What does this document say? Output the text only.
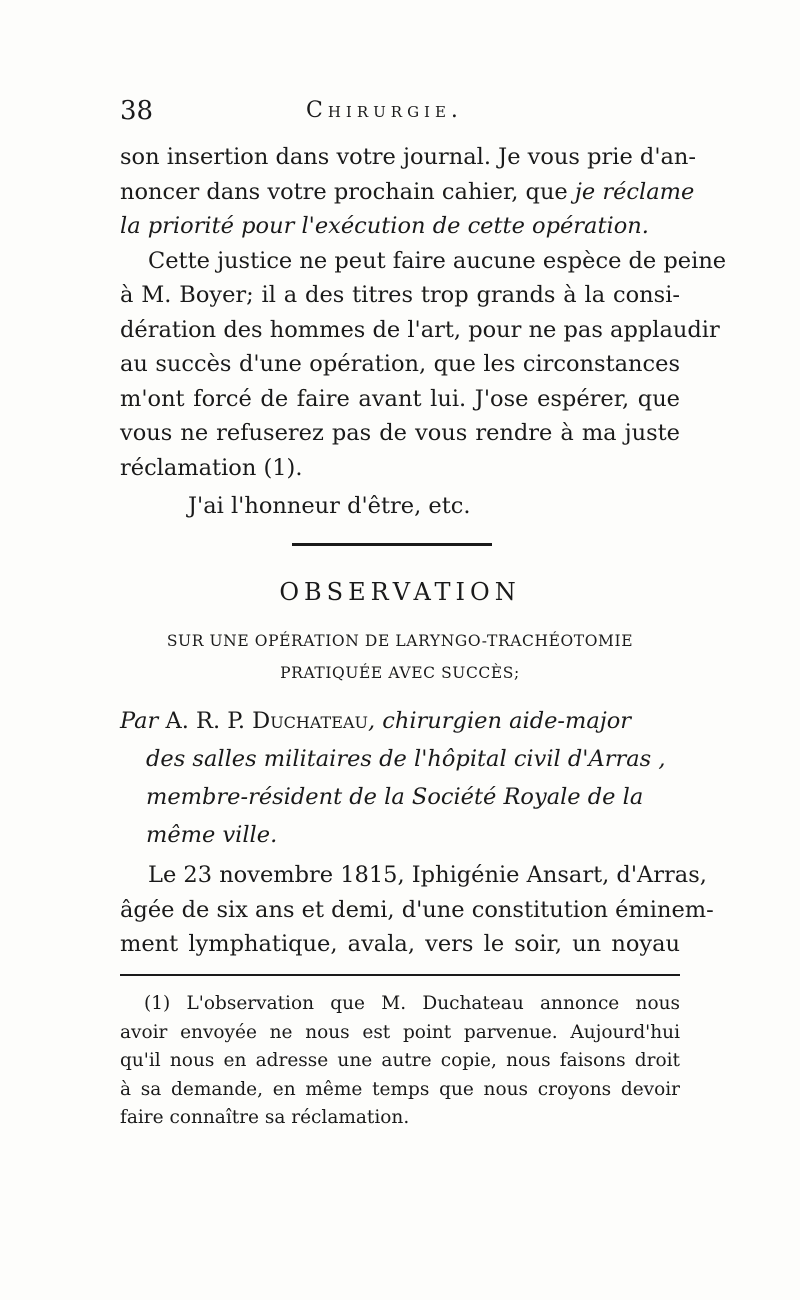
38	Chirurgie.
son insertion dans votre journal. Je vous prie d'an-
noncer dans votre prochain cahier, que je réclame
la priorité pour l'exécution de cette opération.
Cette justice ne peut faire aucune espèce de peine
à M. Boyer; il a des titres trop grands à la consi-
dération des hommes de l'art, pour ne pas applaudir
au succès d'une opération, que les circonstances
m'ont forcé de faire avant lui. J'ose espérer, que
vous ne refuserez pas de vous rendre à ma juste
réclamation (1).
J'ai l'honneur d'être, etc.
OBSERVATION
SUR UNE OPÉRATION DE LARYNGO-TRACHÉOTOMIE
PRATIQUÉE AVEC SUCCÈS;
Par A. R. P. Duchateau, chirurgien aide-major
des salles militaires de l'hôpital civil d'Arras ,
membre-résident de la Société Royale de la
même ville.
Le 23 novembre 1815, Iphigénie Ansart, d'Arras,
âgée de six ans et demi, d'une constitution éminem-
ment lymphatique, avala, vers le soir, un noyau
(1) L'observation que M. Duchateau annonce nous
avoir envoyée ne nous est point parvenue. Aujourd'hui
qu'il nous en adresse une autre copie, nous faisons droit
à sa demande, en même temps que nous croyons devoir
faire connaître sa réclamation.
